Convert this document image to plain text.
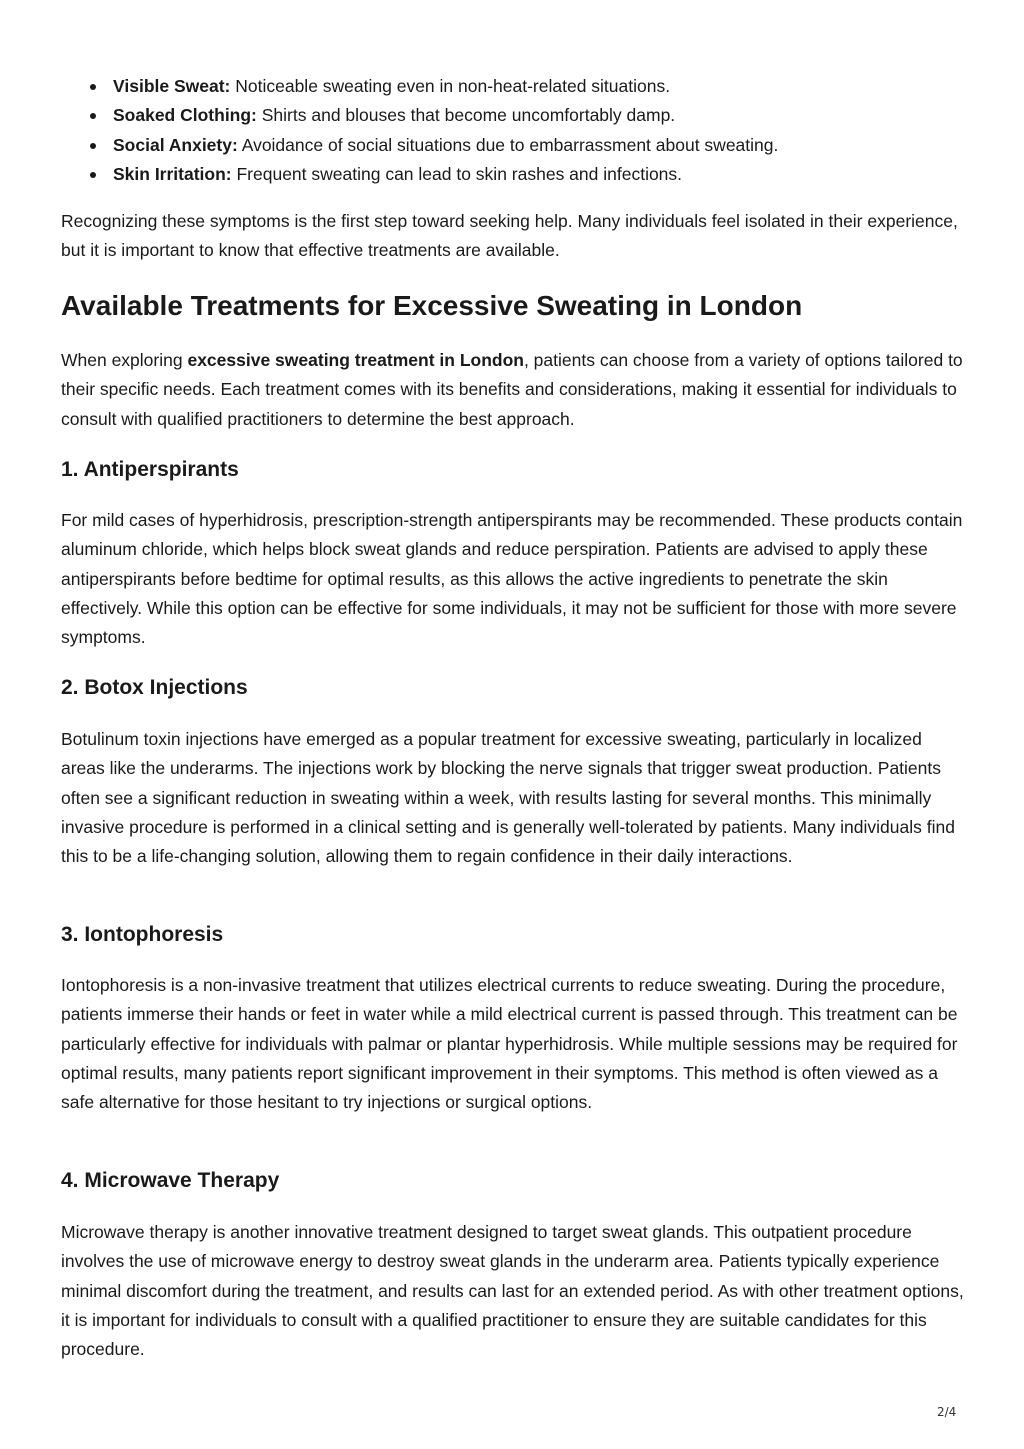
Visible Sweat: Noticeable sweating even in non-heat-related situations.
Soaked Clothing: Shirts and blouses that become uncomfortably damp.
Social Anxiety: Avoidance of social situations due to embarrassment about sweating.
Skin Irritation: Frequent sweating can lead to skin rashes and infections.

Recognizing these symptoms is the first step toward seeking help. Many individuals feel isolated in their experience, but it is important to know that effective treatments are available.

Available Treatments for Excessive Sweating in London

When exploring excessive sweating treatment in London, patients can choose from a variety of options tailored to their specific needs. Each treatment comes with its benefits and considerations, making it essential for individuals to consult with qualified practitioners to determine the best approach.

1. Antiperspirants

For mild cases of hyperhidrosis, prescription-strength antiperspirants may be recommended. These products contain aluminum chloride, which helps block sweat glands and reduce perspiration. Patients are advised to apply these antiperspirants before bedtime for optimal results, as this allows the active ingredients to penetrate the skin effectively. While this option can be effective for some individuals, it may not be sufficient for those with more severe symptoms.

2. Botox Injections

Botulinum toxin injections have emerged as a popular treatment for excessive sweating, particularly in localized areas like the underarms. The injections work by blocking the nerve signals that trigger sweat production. Patients often see a significant reduction in sweating within a week, with results lasting for several months. This minimally invasive procedure is performed in a clinical setting and is generally well-tolerated by patients. Many individuals find this to be a life-changing solution, allowing them to regain confidence in their daily interactions.

3. Iontophoresis

Iontophoresis is a non-invasive treatment that utilizes electrical currents to reduce sweating. During the procedure, patients immerse their hands or feet in water while a mild electrical current is passed through. This treatment can be particularly effective for individuals with palmar or plantar hyperhidrosis. While multiple sessions may be required for optimal results, many patients report significant improvement in their symptoms. This method is often viewed as a safe alternative for those hesitant to try injections or surgical options.

4. Microwave Therapy

Microwave therapy is another innovative treatment designed to target sweat glands. This outpatient procedure involves the use of microwave energy to destroy sweat glands in the underarm area. Patients typically experience minimal discomfort during the treatment, and results can last for an extended period. As with other treatment options, it is important for individuals to consult with a qualified practitioner to ensure they are suitable candidates for this procedure.

2/4
